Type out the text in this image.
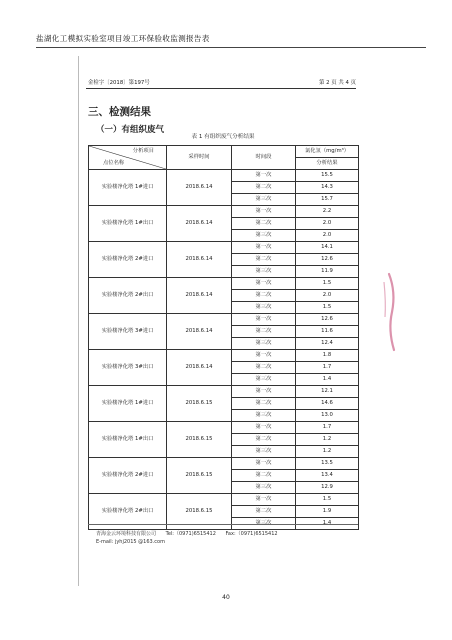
盐湖化工模拟实验室项目竣工环保验收监测报告表
金检字〔2018〕第197号	第 2 页 共 4 页
三、检测结果
（一）有组织废气
表 1 有组织废气分析结果
分析项目
点位名称	采样时间	时间段	氯化氢（mg/m³）
			分析结果
实验楼净化塔 1#进口	2018.6.14	第一次	15.5
		第二次	14.3
		第三次	15.7
实验楼净化塔 1#出口	2018.6.14	第一次	2.2
		第二次	2.0
		第三次	2.0
实验楼净化塔 2#进口	2018.6.14	第一次	14.1
		第二次	12.6
		第三次	11.9
实验楼净化塔 2#出口	2018.6.14	第一次	1.5
		第二次	2.0
		第三次	1.5
实验楼净化塔 3#进口	2018.6.14	第一次	12.6
		第二次	11.6
		第三次	12.4
实验楼净化塔 3#出口	2018.6.14	第一次	1.8
		第二次	1.7
		第三次	1.4
实验楼净化塔 1#进口	2018.6.15	第一次	12.1
		第二次	14.6
		第三次	13.0
实验楼净化塔 1#出口	2018.6.15	第一次	1.7
		第二次	1.2
		第三次	1.2
实验楼净化塔 2#进口	2018.6.15	第一次	13.5
		第二次	13.4
		第三次	12.9
实验楼净化塔 2#出口	2018.6.15	第一次	1.5
		第二次	1.9
		第三次	1.4
青海金云环境科技有限公司 Tel:（0971)6515412 Fax:（0971)6515412
E-mail: jyhj2015 @163.com
40
